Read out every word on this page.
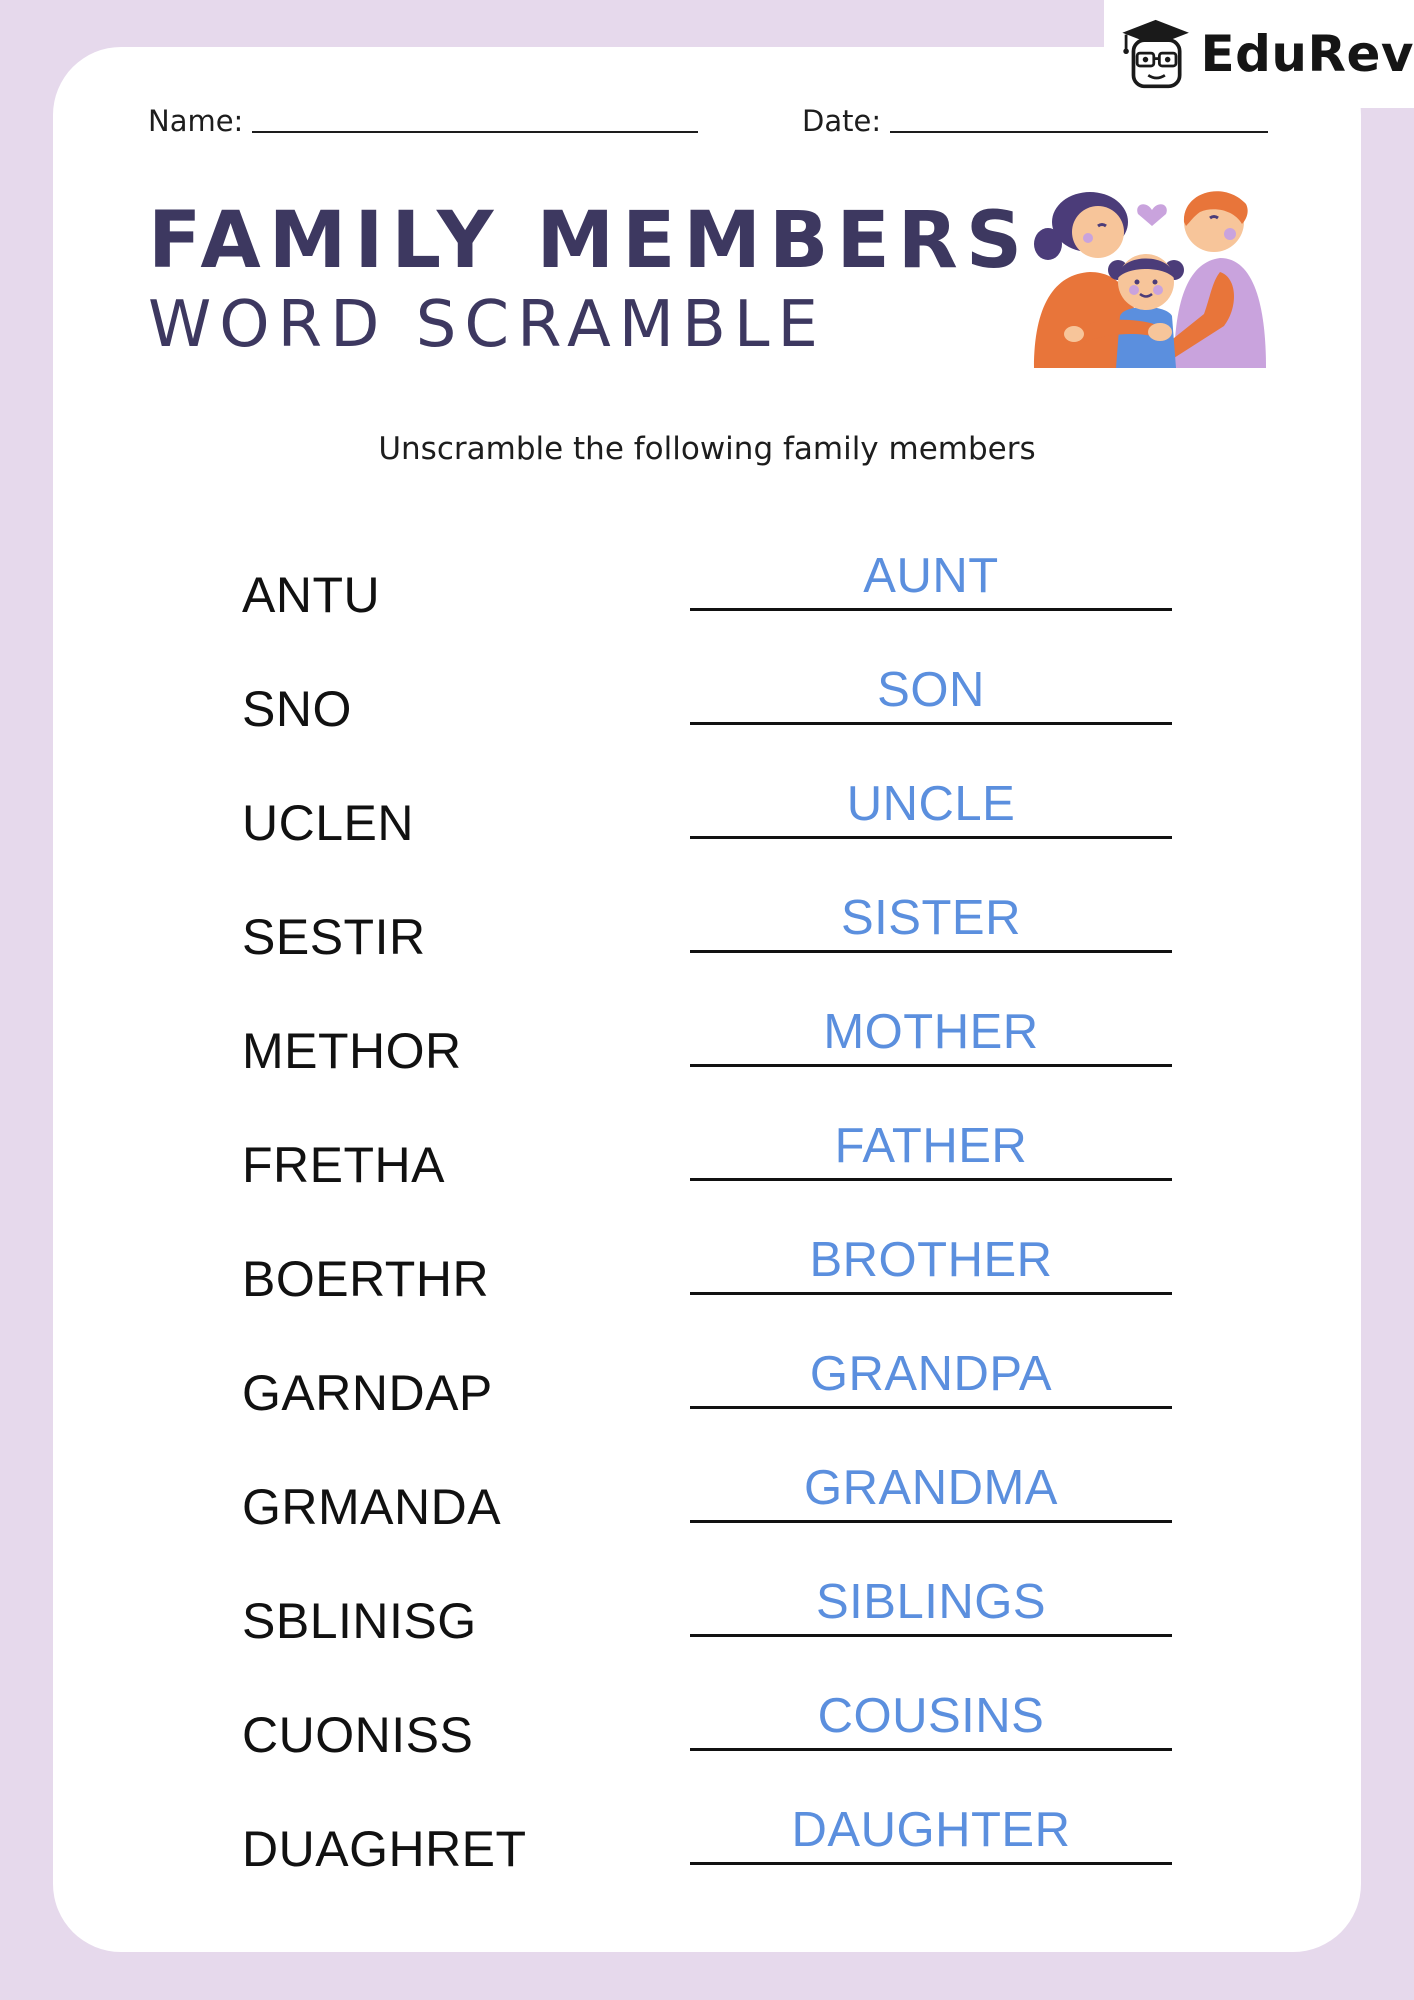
EduRev
Name:	Date:
FAMILY MEMBERS
WORD SCRAMBLE
Unscramble the following family members
ANTU	AUNT
SNO	SON
UCLEN	UNCLE
SESTIR	SISTER
METHOR	MOTHER
FRETHA	FATHER
BOERTHR	BROTHER
GARNDAP	GRANDPA
GRMANDA	GRANDMA
SBLINISG	SIBLINGS
CUONISS	COUSINS
DUAGHRET	DAUGHTER
